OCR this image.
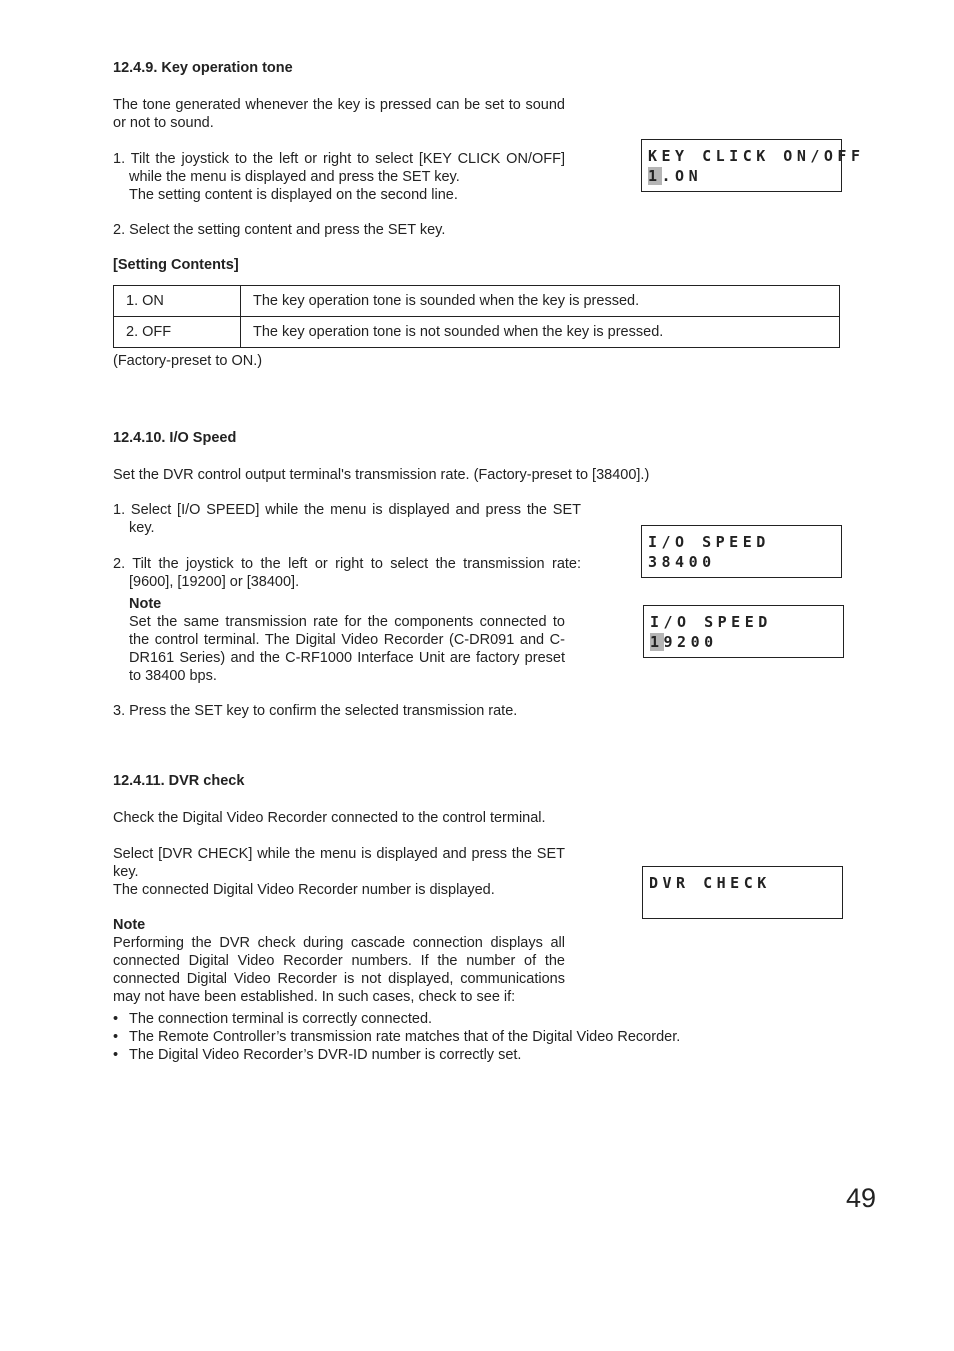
12.4.9. Key operation tone
The tone generated whenever the key is pressed can be set to sound or not to sound.
1. Tilt the joystick to the left or right to select [KEY CLICK ON/OFF] while the menu is displayed and press the SET key.
The setting content is displayed on the second line.
2. Select the setting content and press the SET key.
KEY CLICK ON/OFF
1.ON
[Setting Contents]
1. ON	The key operation tone is sounded when the key is pressed.
2. OFF	The key operation tone is not sounded when the key is pressed.
(Factory-preset to ON.)
12.4.10. I/O Speed
Set the DVR control output terminal's transmission rate. (Factory-preset to [38400].)
1. Select [I/O SPEED] while the menu is displayed and press the SET key.
2. Tilt the joystick to the left or right to select the transmission rate: [9600], [19200] or [38400].
Note
Set the same transmission rate for the components connected to the control terminal. The Digital Video Recorder (C-DR091 and C-DR161 Series) and the C-RF1000 Interface Unit are factory preset to 38400 bps.
3. Press the SET key to confirm the selected transmission rate.
I/O SPEED
38400
I/O SPEED
19200
12.4.11. DVR check
Check the Digital Video Recorder connected to the control terminal.
Select [DVR CHECK] while the menu is displayed and press the SET key.
The connected Digital Video Recorder number is displayed.	DVR CHECK
Note
Performing the DVR check during cascade connection displays all connected Digital Video Recorder numbers. If the number of the connected Digital Video Recorder is not displayed, communications may not have been established. In such cases, check to see if:
• The connection terminal is correctly connected.
• The Remote Controller’s transmission rate matches that of the Digital Video Recorder.
• The Digital Video Recorder’s DVR-ID number is correctly set.
49
